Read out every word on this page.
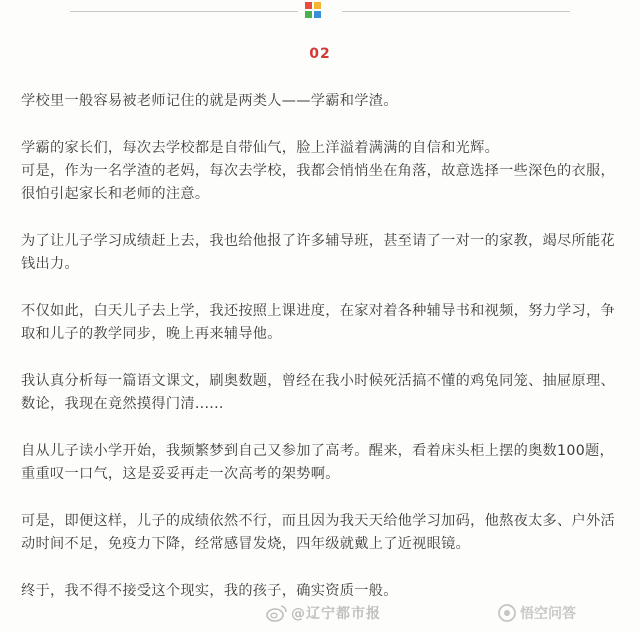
02

学校里一般容易被老师记住的就是两类人——学霸和学渣。

学霸的家长们，每次去学校都是自带仙气，脸上洋溢着满满的自信和光辉。
可是，作为一名学渣的老妈，每次去学校，我都会悄悄坐在角落，故意选择一些深色的衣服，
很怕引起家长和老师的注意。

为了让儿子学习成绩赶上去，我也给他报了许多辅导班，甚至请了一对一的家教，竭尽所能花
钱出力。

不仅如此，白天儿子去上学，我还按照上课进度，在家对着各种辅导书和视频，努力学习，争
取和儿子的教学同步，晚上再来辅导他。

我认真分析每一篇语文课文，刷奥数题，曾经在我小时候死活搞不懂的鸡兔同笼、抽屉原理、
数论，我现在竟然摸得门清......

自从儿子读小学开始，我频繁梦到自己又参加了高考。醒来，看着床头柜上摆的奥数100题，
重重叹一口气，这是妥妥再走一次高考的架势啊。

可是，即便这样，儿子的成绩依然不行，而且因为我天天给他学习加码，他熬夜太多、户外活
动时间不足，免疫力下降，经常感冒发烧，四年级就戴上了近视眼镜。

终于，我不得不接受这个现实，我的孩子，确实资质一般。

@辽宁都市报	悟空问答
